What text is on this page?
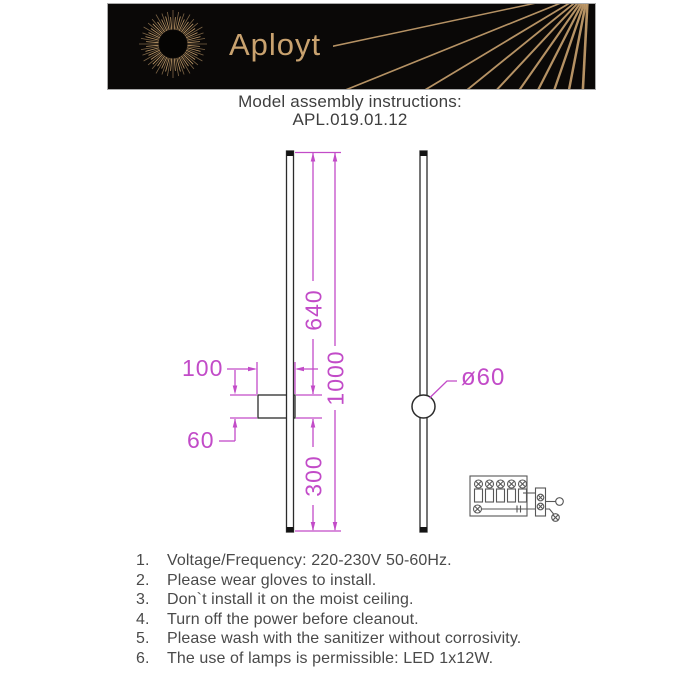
Aployt
Model assembly instructions:
APL.019.01.12
100
60
640
1000
300
ø60
1.	Voltage/Frequency: 220-230V 50-60Hz.
2.	Please wear gloves to install.
3.	Don`t install it on the moist ceiling.
4.	Turn off the power before cleanout.
5.	Please wash with the sanitizer without corrosivity.
6.	The use of lamps is permissible: LED 1x12W.
